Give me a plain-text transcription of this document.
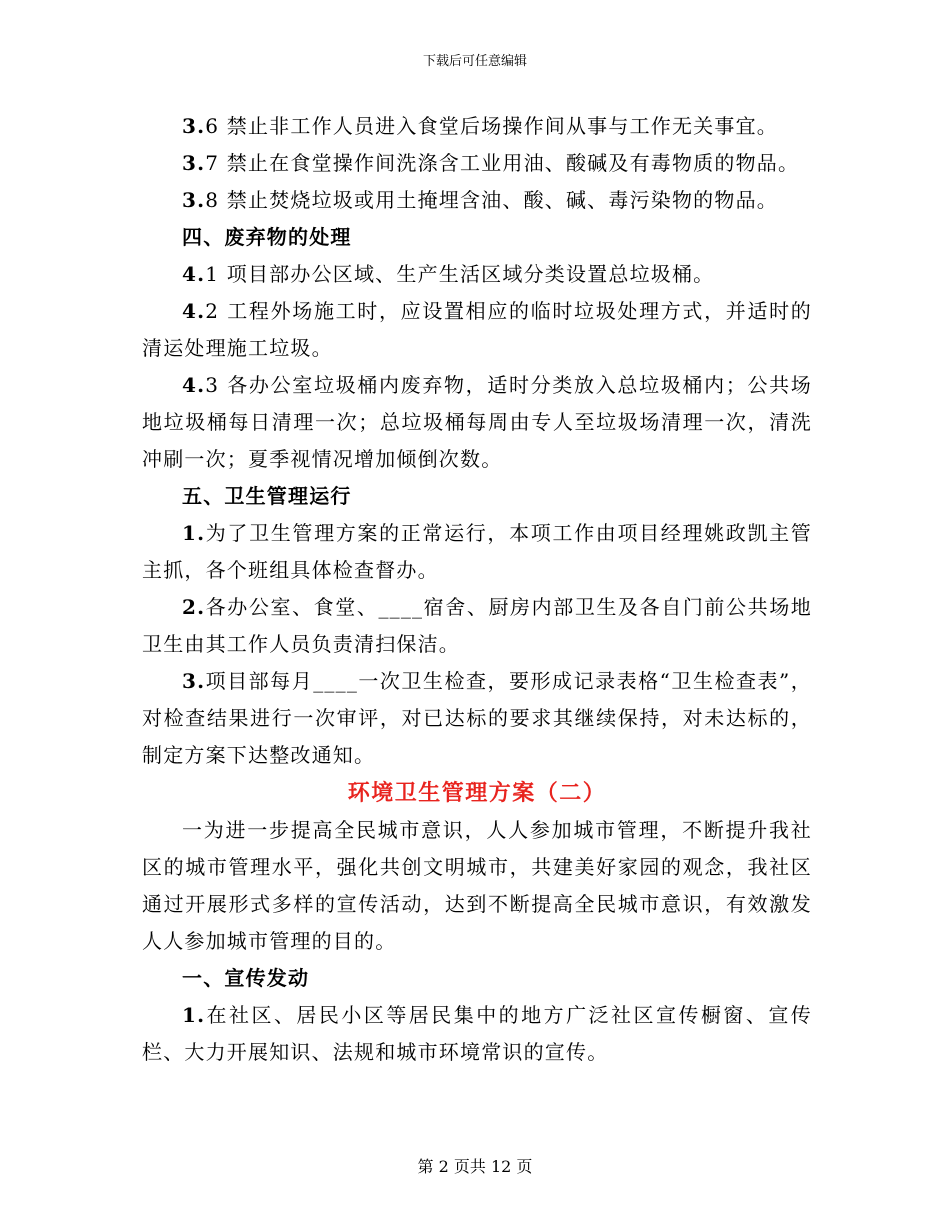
下载后可任意编辑

3.6 禁止非工作人员进入食堂后场操作间从事与工作无关事宜。

3.7 禁止在食堂操作间洗涤含工业用油、酸碱及有毒物质的物品。

3.8 禁止焚烧垃圾或用土掩埋含油、酸、碱、毒污染物的物品。

四、废弃物的处理

4.1 项目部办公区域、生产生活区域分类设置总垃圾桶。

4.2 工程外场施工时，应设置相应的临时垃圾处理方式，并适时的清运处理施工垃圾。

4.3 各办公室垃圾桶内废弃物，适时分类放入总垃圾桶内；公共场地垃圾桶每日清理一次；总垃圾桶每周由专人至垃圾场清理一次，清洗冲刷一次；夏季视情况增加倾倒次数。

五、卫生管理运行

1.为了卫生管理方案的正常运行，本项工作由项目经理姚政凯主管主抓，各个班组具体检查督办。

2.各办公室、食堂、____宿舍、厨房内部卫生及各自门前公共场地卫生由其工作人员负责清扫保洁。

3.项目部每月____一次卫生检查，要形成记录表格“卫生检查表”，对检查结果进行一次审评，对已达标的要求其继续保持，对未达标的，制定方案下达整改通知。

环境卫生管理方案（二）

一为进一步提高全民城市意识，人人参加城市管理，不断提升我社区的城市管理水平，强化共创文明城市，共建美好家园的观念，我社区通过开展形式多样的宣传活动，达到不断提高全民城市意识，有效激发人人参加城市管理的目的。

一、宣传发动

1.在社区、居民小区等居民集中的地方广泛社区宣传橱窗、宣传栏、大力开展知识、法规和城市环境常识的宣传。

第 2 页共 12 页
